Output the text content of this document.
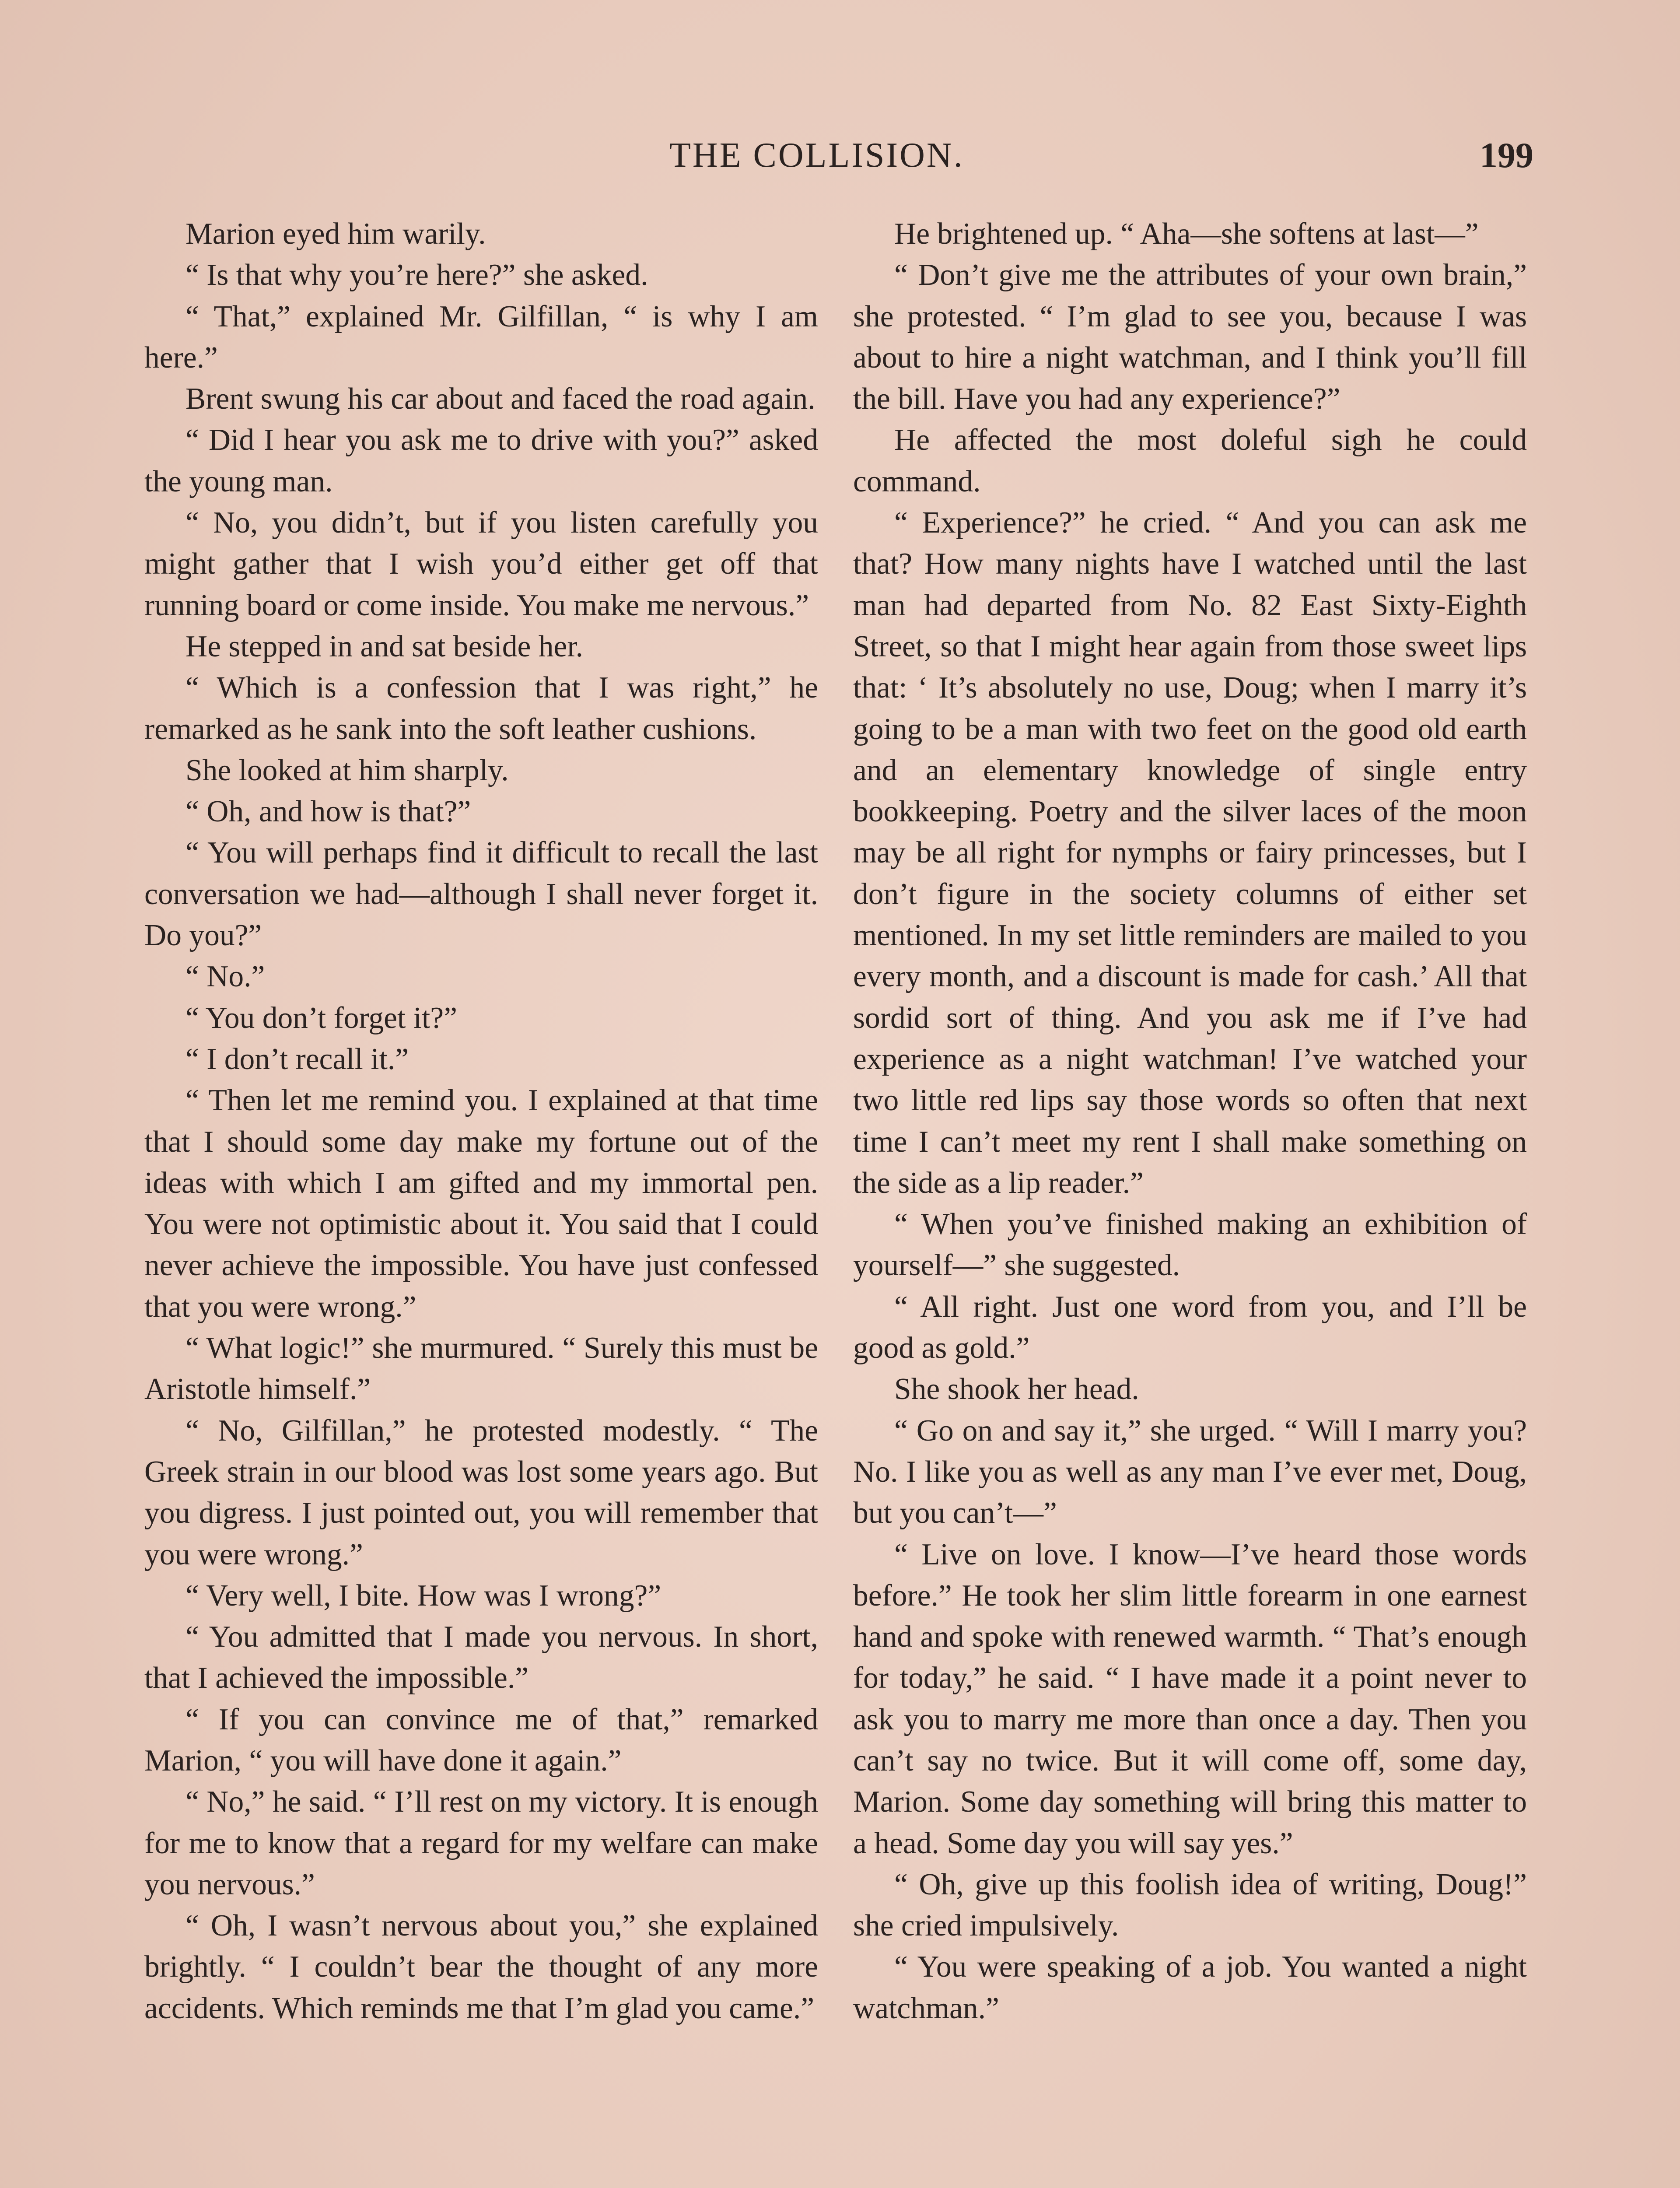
THE COLLISION.	199

Marion eyed him warily.

“ Is that why you’re here?” she asked.

“ That,” explained Mr. Gilfillan, “ is why I am here.”

Brent swung his car about and faced the road again.

“ Did I hear you ask me to drive with you?” asked the young man.

“ No, you didn’t, but if you listen carefully you might gather that I wish you’d either get off that running board or come inside. You make me nervous.”

He stepped in and sat beside her.

“ Which is a confession that I was right,” he remarked as he sank into the soft leather cushions.

She looked at him sharply.

“ Oh, and how is that?”

“ You will perhaps find it difficult to recall the last conversation we had—although I shall never forget it. Do you?”

“ No.”

“ You don’t forget it?”

“ I don’t recall it.”

“ Then let me remind you. I explained at that time that I should some day make my fortune out of the ideas with which I am gifted and my immortal pen. You were not optimistic about it. You said that I could never achieve the impossible. You have just confessed that you were wrong.”

“ What logic!” she murmured. “ Surely this must be Aristotle himself.”

“ No, Gilfillan,” he protested modestly. “ The Greek strain in our blood was lost some years ago. But you digress. I just pointed out, you will remember that you were wrong.”

“ Very well, I bite. How was I wrong?”

“ You admitted that I made you nervous. In short, that I achieved the impossible.”

“ If you can convince me of that,” remarked Marion, “ you will have done it again.”

“ No,” he said. “ I’ll rest on my victory. It is enough for me to know that a regard for my welfare can make you nervous.”

“ Oh, I wasn’t nervous about you,” she explained brightly. “ I couldn’t bear the thought of any more accidents. Which reminds me that I’m glad you came.”

He brightened up. “ Aha—she softens at last—”

“ Don’t give me the attributes of your own brain,” she protested. “ I’m glad to see you, because I was about to hire a night watchman, and I think you’ll fill the bill. Have you had any experience?”

He affected the most doleful sigh he could command.

“ Experience?” he cried. “ And you can ask me that? How many nights have I watched until the last man had departed from No. 82 East Sixty-Eighth Street, so that I might hear again from those sweet lips that: ‘ It’s absolutely no use, Doug; when I marry it’s going to be a man with two feet on the good old earth and an elementary knowledge of single entry bookkeeping. Poetry and the silver laces of the moon may be all right for nymphs or fairy princesses, but I don’t figure in the society columns of either set mentioned. In my set little reminders are mailed to you every month, and a discount is made for cash.’ All that sordid sort of thing. And you ask me if I’ve had experience as a night watchman! I’ve watched your two little red lips say those words so often that next time I can’t meet my rent I shall make something on the side as a lip reader.”

“ When you’ve finished making an exhibition of yourself—” she suggested.

“ All right. Just one word from you, and I’ll be good as gold.”

She shook her head.

“ Go on and say it,” she urged. “ Will I marry you? No. I like you as well as any man I’ve ever met, Doug, but you can’t—”

“ Live on love. I know—I’ve heard those words before.” He took her slim little forearm in one earnest hand and spoke with renewed warmth. “ That’s enough for today,” he said. “ I have made it a point never to ask you to marry me more than once a day. Then you can’t say no twice. But it will come off, some day, Marion. Some day something will bring this matter to a head. Some day you will say yes.”

“ Oh, give up this foolish idea of writing, Doug!” she cried impulsively.

“ You were speaking of a job. You wanted a night watchman.”
